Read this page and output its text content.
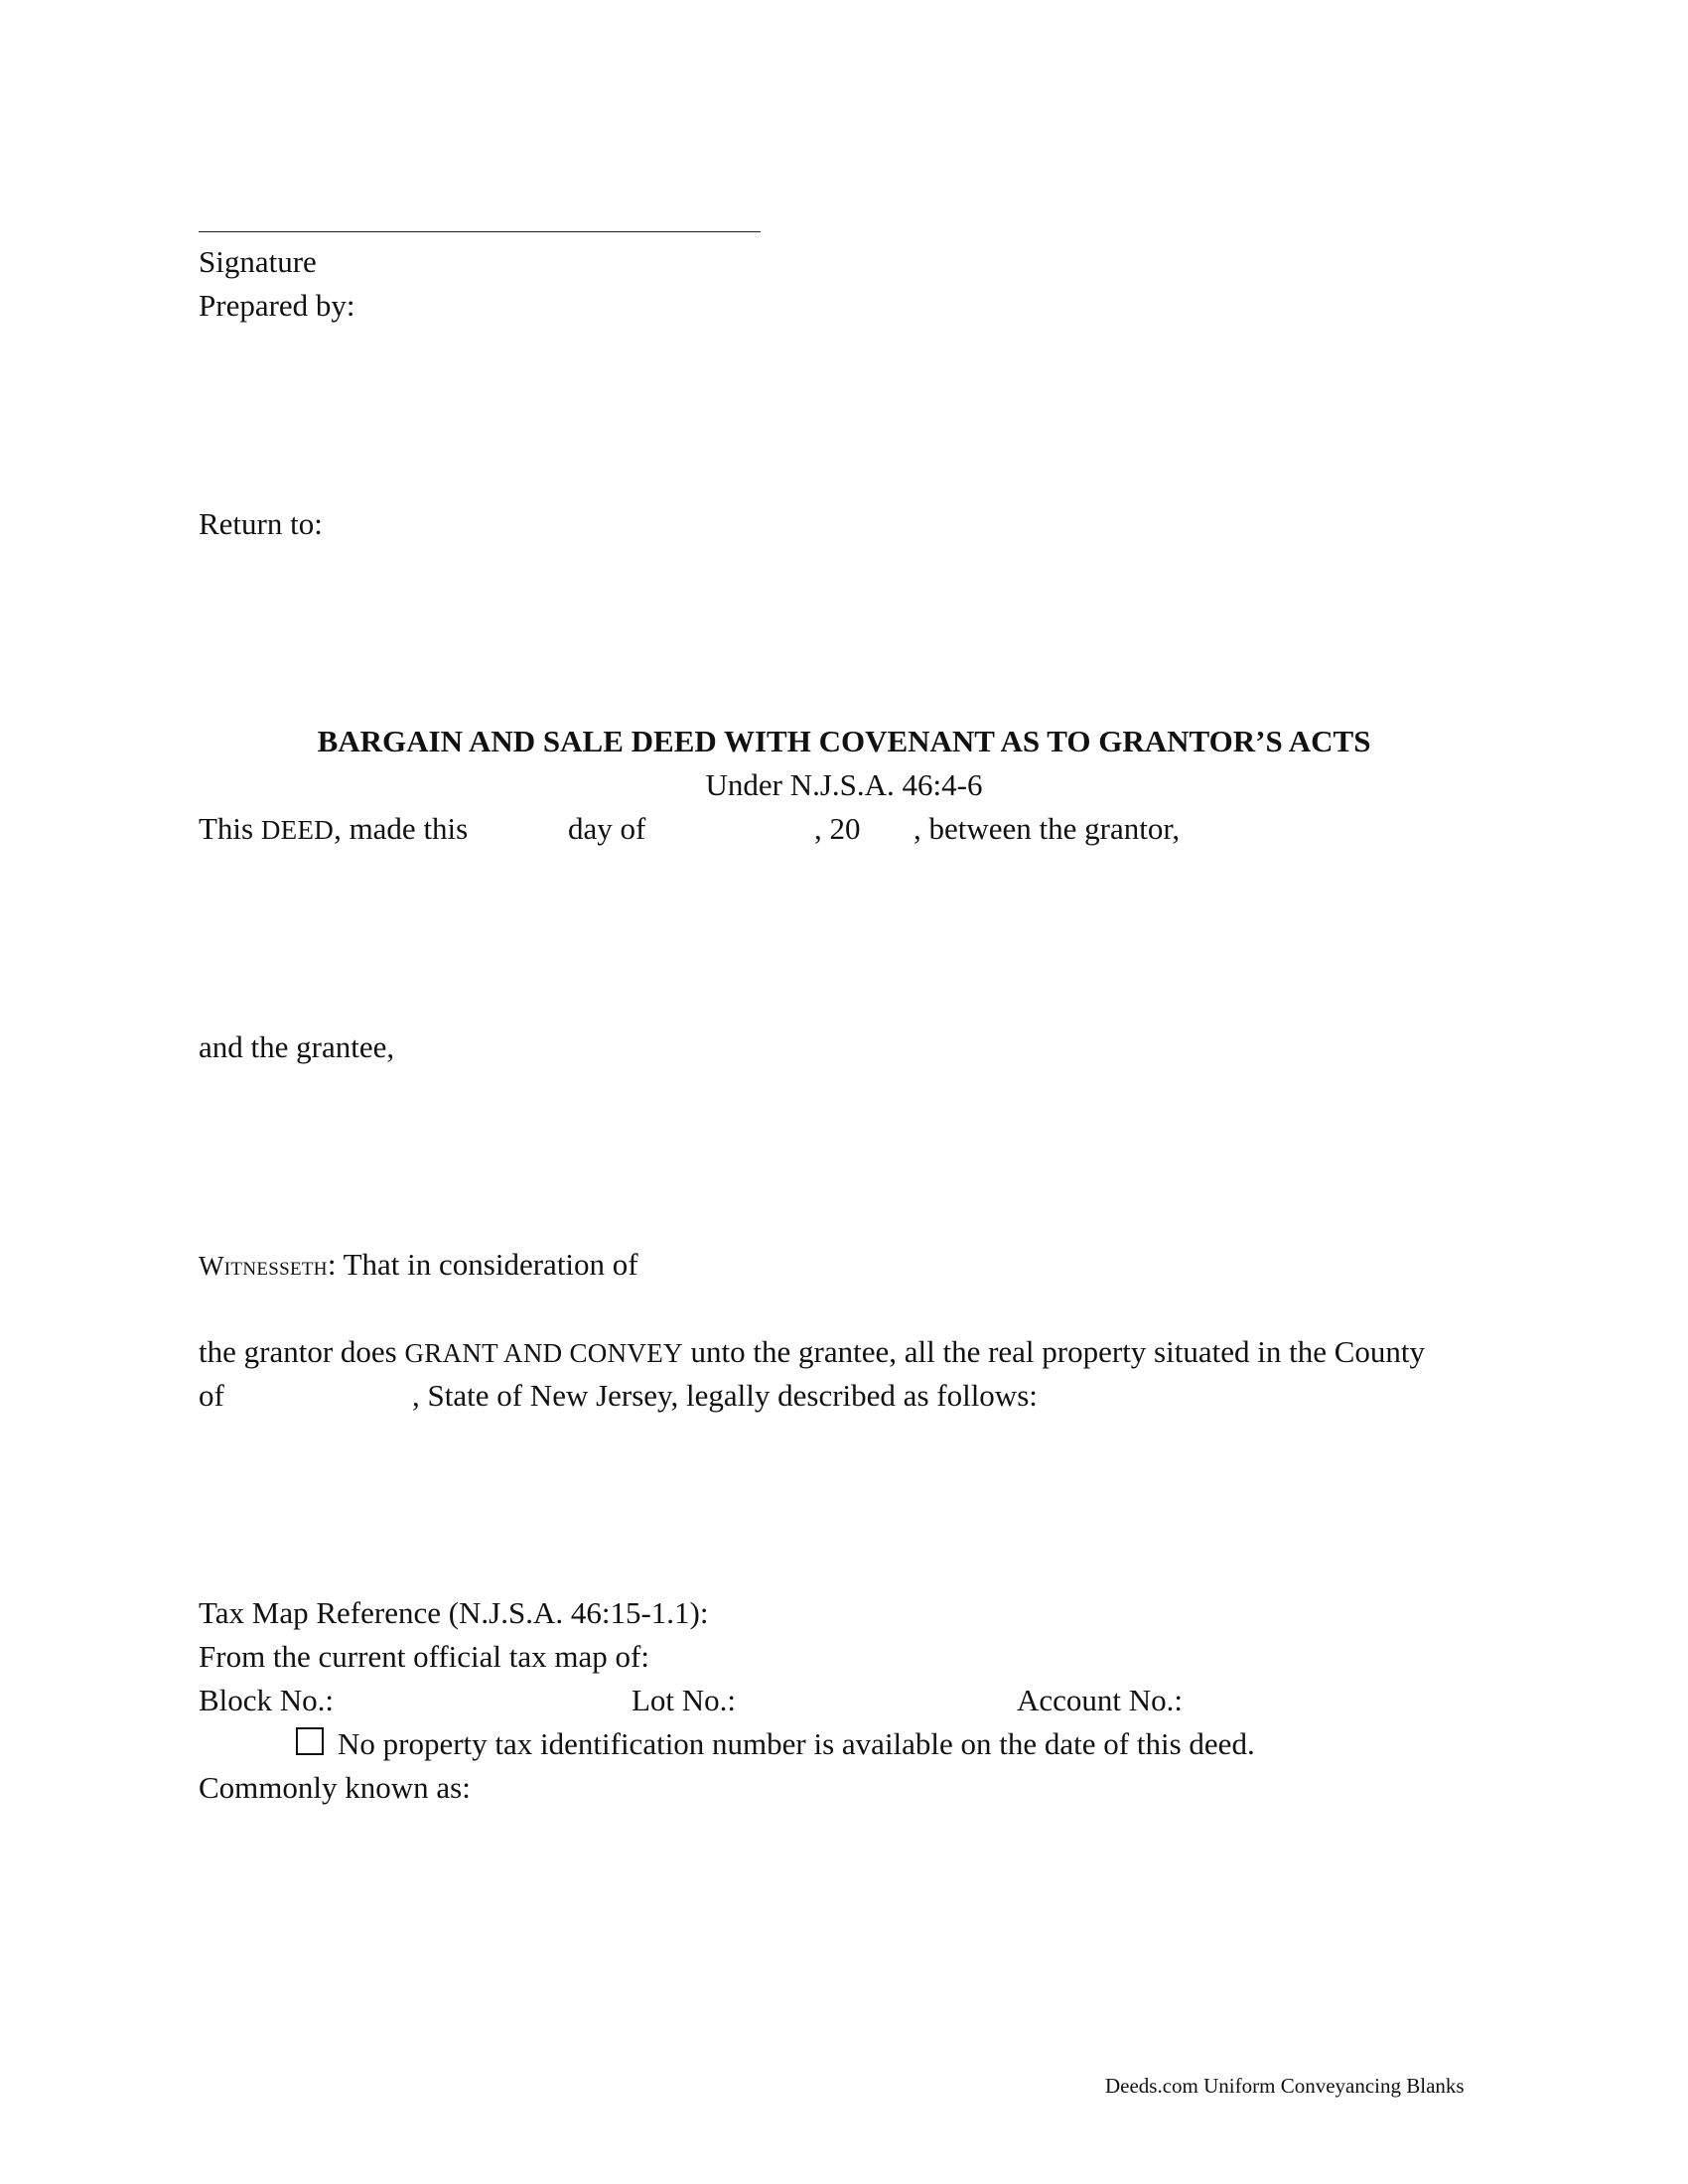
Signature
Prepared by:
Return to:
BARGAIN AND SALE DEED WITH COVENANT AS TO GRANTOR’S ACTS
Under N.J.S.A. 46:4-6
This DEED, made this	day of	, 20 , between the grantor,
and the grantee,
Witnesseth: That in consideration of
the grantor does GRANT AND CONVEY unto the grantee, all the real property situated in the County
of	, State of New Jersey, legally described as follows:
Tax Map Reference (N.J.S.A. 46:15-1.1):
From the current official tax map of:
Block No.:	Lot No.:	Account No.:
No property tax identification number is available on the date of this deed.
Commonly known as:
Deeds.com Uniform Conveyancing Blanks
